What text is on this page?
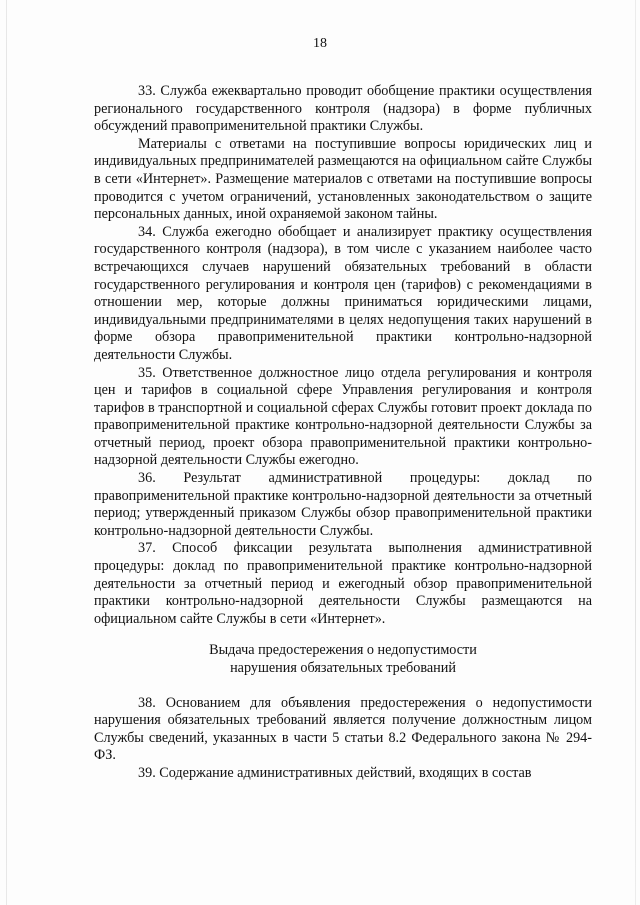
18

33. Служба ежеквартально проводит обобщение практики осуществления регионального государственного контроля (надзора) в форме публичных обсуждений правоприменительной практики Службы.

Материалы с ответами на поступившие вопросы юридических лиц и индивидуальных предпринимателей размещаются на официальном сайте Службы в сети «Интернет». Размещение материалов с ответами на поступившие вопросы проводится с учетом ограничений, установленных законодательством о защите персональных данных, иной охраняемой законом тайны.

34. Служба ежегодно обобщает и анализирует практику осуществления государственного контроля (надзора), в том числе с указанием наиболее часто встречающихся случаев нарушений обязательных требований в области государственного регулирования и контроля цен (тарифов) с рекомендациями в отношении мер, которые должны приниматься юридическими лицами, индивидуальными предпринимателями в целях недопущения таких нарушений в форме обзора правоприменительной практики контрольно-надзорной деятельности Службы.

35. Ответственное должностное лицо отдела регулирования и контроля цен и тарифов в социальной сфере Управления регулирования и контроля тарифов в транспортной и социальной сферах Службы готовит проект доклада по правоприменительной практике контрольно-надзорной деятельности Службы за отчетный период, проект обзора правоприменительной практики контрольно-надзорной деятельности Службы ежегодно.

36. Результат административной процедуры: доклад по правоприменительной практике контрольно-надзорной деятельности за отчетный период; утвержденный приказом Службы обзор правоприменительной практики контрольно-надзорной деятельности Службы.

37. Способ фиксации результата выполнения административной процедуры: доклад по правоприменительной практике контрольно-надзорной деятельности за отчетный период и ежегодный обзор правоприменительной практики контрольно-надзорной деятельности Службы размещаются на официальном сайте Службы в сети «Интернет».

Выдача предостережения о недопустимости

нарушения обязательных требований

38. Основанием для объявления предостережения о недопустимости нарушения обязательных требований является получение должностным лицом Службы сведений, указанных в части 5 статьи 8.2 Федерального закона № 294-ФЗ.

39. Содержание административных действий, входящих в состав
